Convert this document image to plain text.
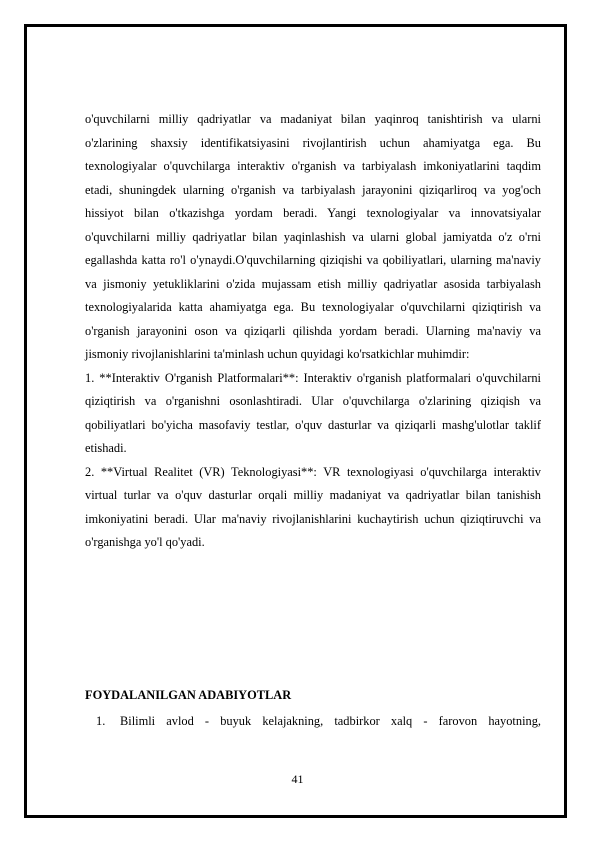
o'quvchilarni milliy qadriyatlar va madaniyat bilan yaqinroq tanishtirish va ularni o'zlarining shaxsiy identifikatsiyasini rivojlantirish uchun ahamiyatga ega. Bu texnologiyalar o'quvchilarga interaktiv o'rganish va tarbiyalash imkoniyatlarini taqdim etadi, shuningdek ularning o'rganish va tarbiyalash jarayonini qiziqarliroq va yog'och hissiyot bilan o'tkazishga yordam beradi. Yangi texnologiyalar va innovatsiyalar o'quvchilarni milliy qadriyatlar bilan yaqinlashish va ularni global jamiyatda o'z o'rni egallashda katta ro'l o'ynaydi.O'quvchilarning qiziqishi va qobiliyatlari, ularning ma'naviy va jismoniy yetukliklarini o'zida mujassam etish milliy qadriyatlar asosida tarbiyalash texnologiyalarida katta ahamiyatga ega. Bu texnologiyalar o'quvchilarni qiziqtirish va o'rganish jarayonini oson va qiziqarli qilishda yordam beradi. Ularning ma'naviy va jismoniy rivojlanishlarini ta'minlash uchun quyidagi ko'rsatkichlar muhimdir:

1. **Interaktiv O'rganish Platformalari**: Interaktiv o'rganish platformalari o'quvchilarni qiziqtirish va o'rganishni osonlashtiradi. Ular o'quvchilarga o'zlarining qiziqish va qobiliyatlari bo'yicha masofaviy testlar, o'quv dasturlar va qiziqarli mashg'ulotlar taklif etishadi.

2. **Virtual Realitet (VR) Teknologiyasi**: VR texnologiyasi o'quvchilarga interaktiv virtual turlar va o'quv dasturlar orqali milliy madaniyat va qadriyatlar bilan tanishish imkoniyatini beradi. Ular ma'naviy rivojlanishlarini kuchaytirish uchun qiziqtiruvchi va o'rganishga yo'l qo'yadi.

FOYDALANILGAN ADABIYOTLAR
1.	Bilimli avlod - buyuk kelajakning, tadbirkor xalq - farovon hayotning,
41
